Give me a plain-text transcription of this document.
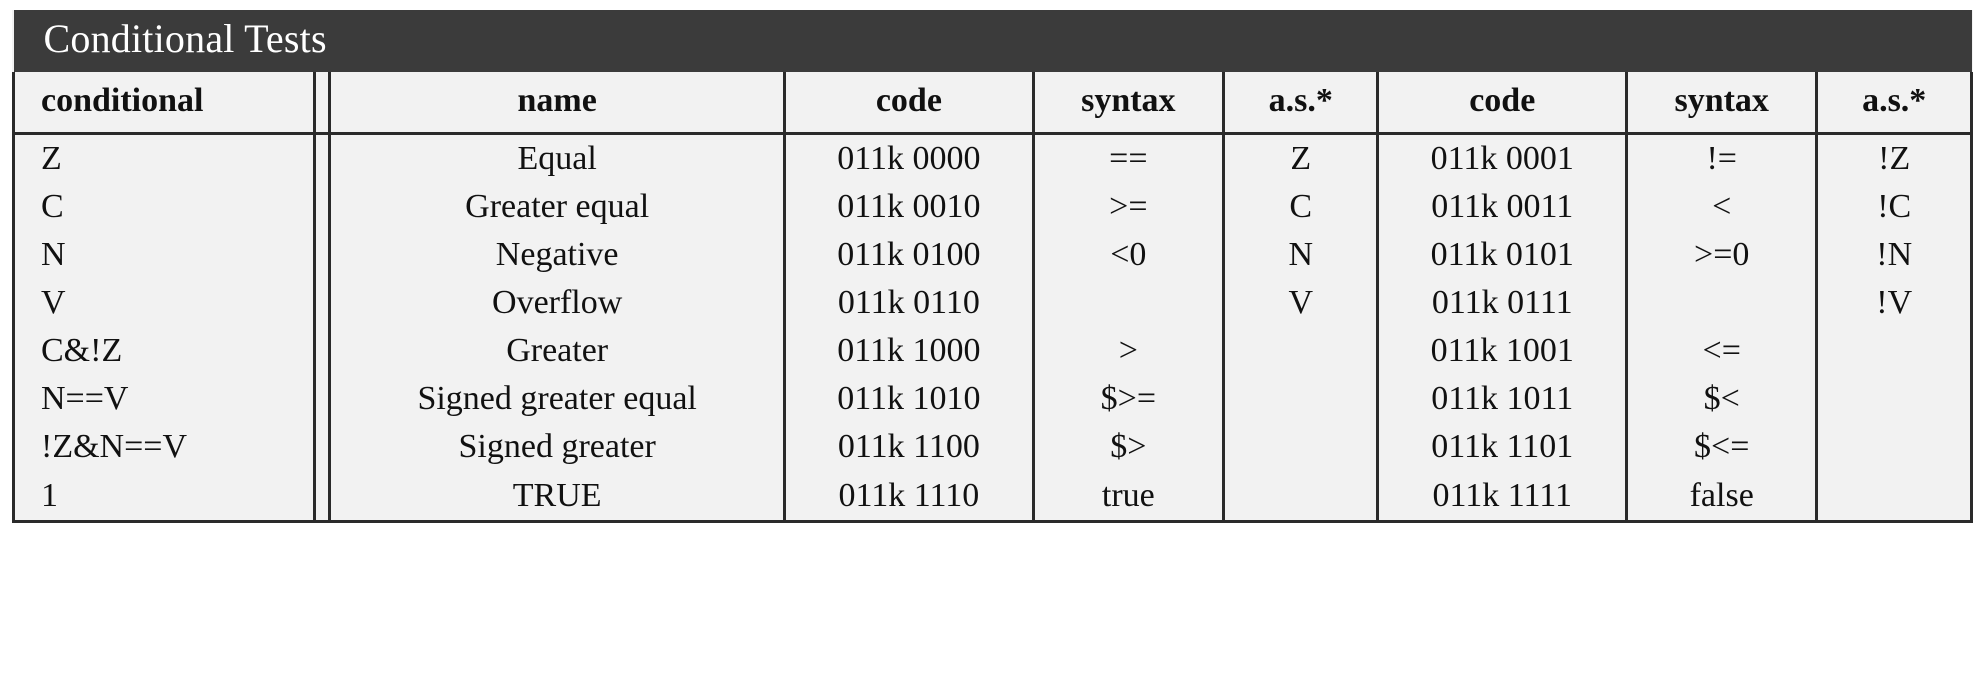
Conditional Tests								
conditional		name	code	syntax	a.s.*	code	syntax	a.s.*
Z		Equal	011k 0000	==	Z	011k 0001	!=	!Z
C		Greater equal	011k 0010	>=	C	011k 0011	<	!C
N		Negative	011k 0100	<0	N	011k 0101	>=0	!N
V		Overflow	011k 0110		V	011k 0111		!V
C&!Z		Greater	011k 1000	>		011k 1001	<=	
N==V		Signed greater equal	011k 1010	$>=		011k 1011	$<	
!Z&N==V		Signed greater	011k 1100	$>		011k 1101	$<=	
1		TRUE	011k 1110	true		011k 1111	false	
